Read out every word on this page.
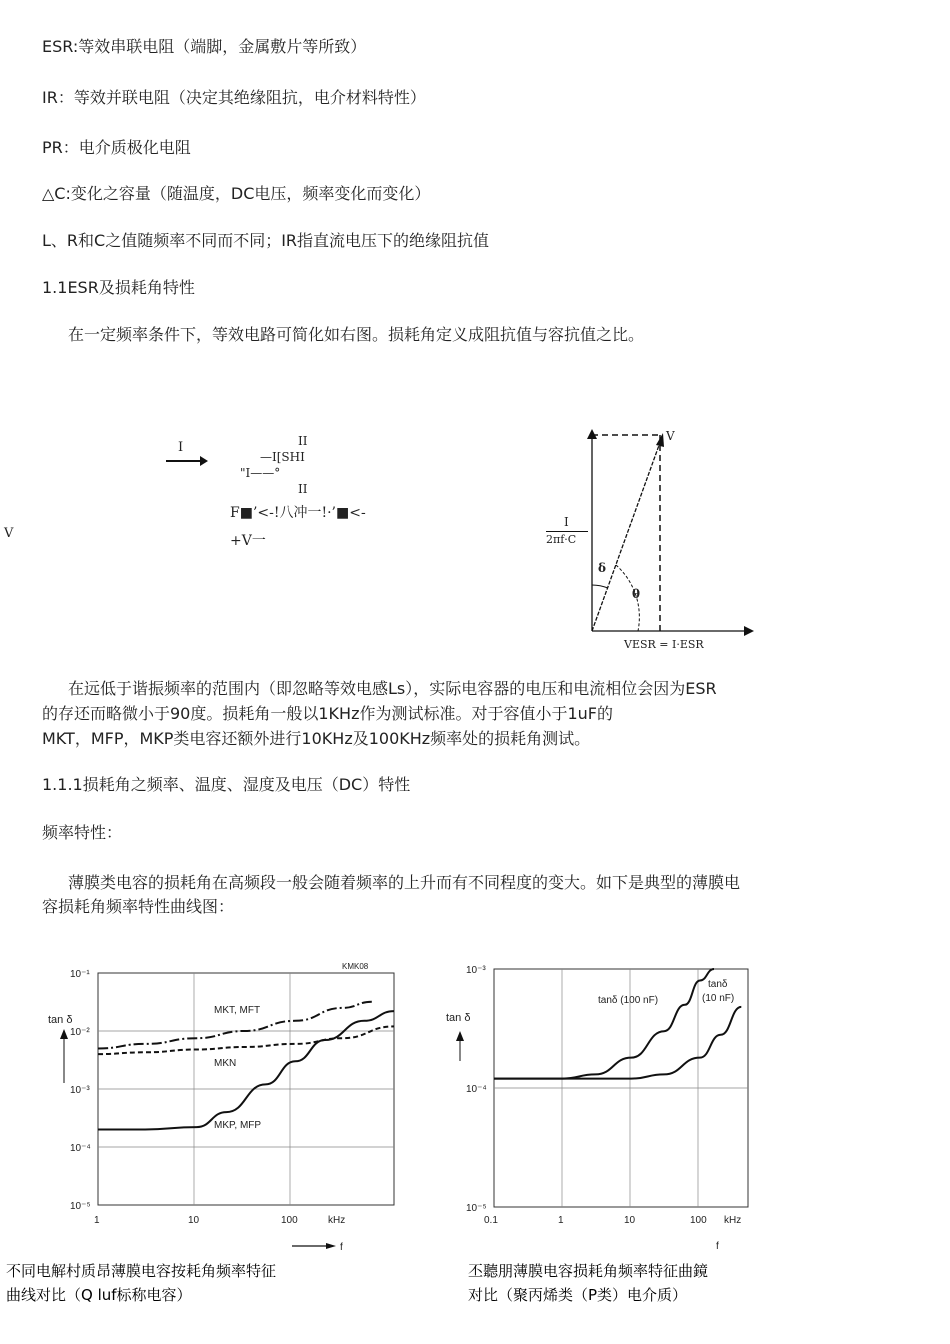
ESR:等效串联电阻（端脚，金属敷片等所致）
IR：等效并联电阻（决定其绝缘阻抗，电介材料特性）
PR：电介质极化电阻
△C:变化之容量（随温度，DC电压，频率变化而变化）
L、R和C之值随频率不同而不同；IR指直流电压下的绝缘阻抗值
1.1ESR及损耗角特性
在一定频率条件下，等效电路可简化如右图。损耗角定义成阻抗值与容抗值之比。
V
I	II
—I[SHI
"I——°
II
F■’<-!八冲一!·’■<-
+V一
V
I
2πf·C
δ
θ
VESR = I·ESR
在远低于谐振频率的范围内（即忽略等效电感Ls），实际电容器的电压和电流相位会因为ESR
的存还而略微小于90度。损耗角一般以1KHz作为测试标准。对于容值小于1uF的
MKT，MFP，MKP类电容还额外进行10KHz及100KHz频率处的损耗角测试。
1.1.1损耗角之频率、温度、湿度及电压（DC）特性
频率特性：
薄膜类电容的损耗角在高频段一般会随着频率的上升而有不同程度的变大。如下是典型的薄膜电
容损耗角频率特性曲线图：
KMK08
tan δ
10⁻¹
10⁻²
10⁻³
10⁻⁴
10⁻⁵
1	10	100	kHz
f
MKT, MFT
MKN
MKP, MFP
tan δ
10⁻³
10⁻⁴
10⁻⁵
0.1	1	10	100 kHz
f
tanδ (100 nF)
tanδ
(10 nF)
不同电解村质昂薄膜电容按耗角频率特征
曲线对比（Q luf标称电容）
丕聽朋薄膜电容损耗角频率特征曲鏡
对比（聚丙烯类（P类）电介质）
